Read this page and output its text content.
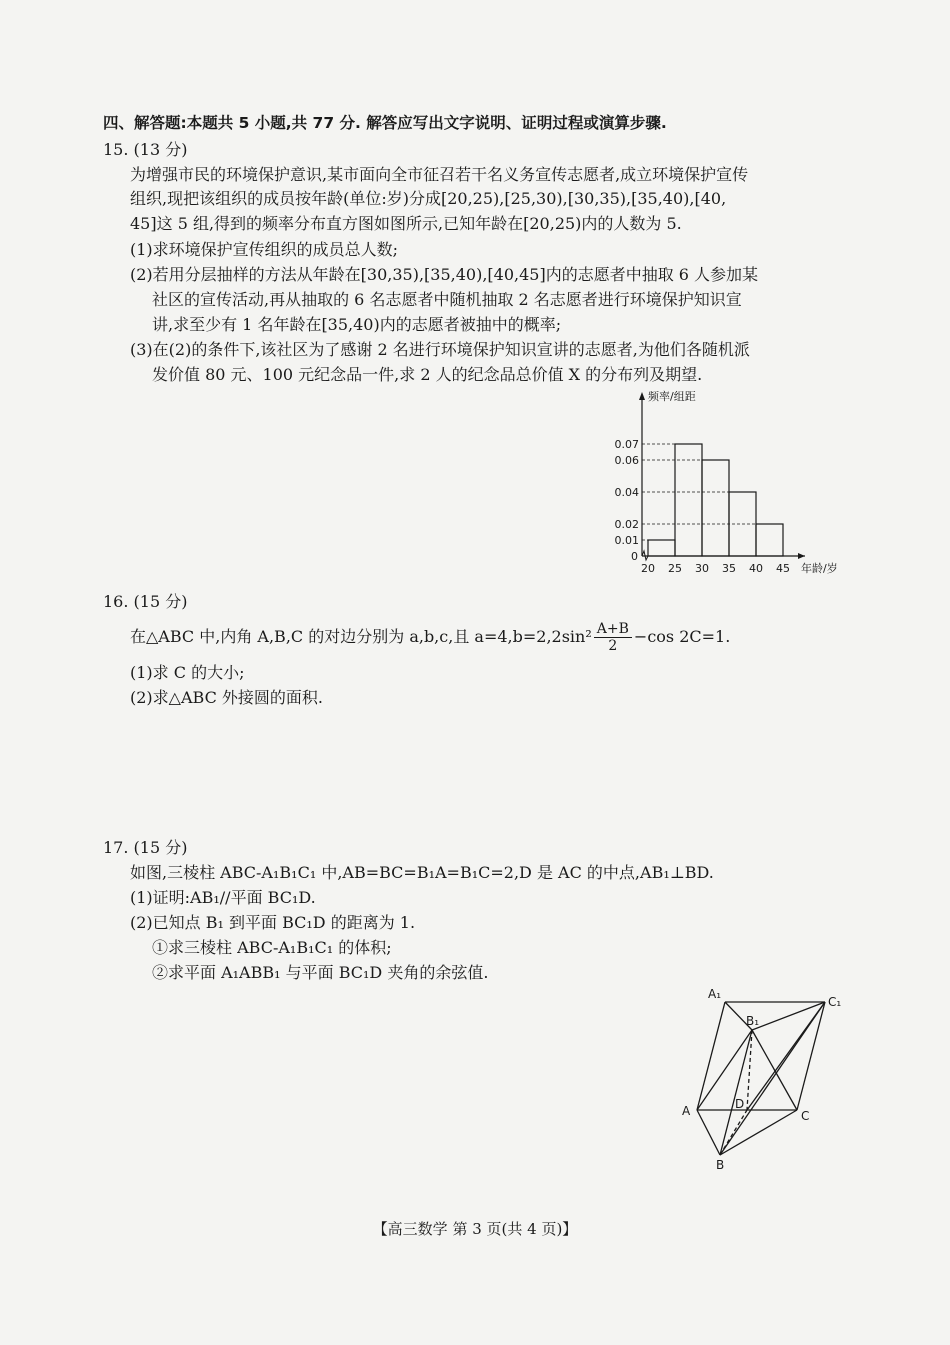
四、解答题:本题共 5 小题,共 77 分. 解答应写出文字说明、证明过程或演算步骤.
15. (13 分)
为增强市民的环境保护意识,某市面向全市征召若干名义务宣传志愿者,成立环境保护宣传
组织,现把该组织的成员按年龄(单位:岁)分成[20,25),[25,30),[30,35),[35,40),[40,
45]这 5 组,得到的频率分布直方图如图所示,已知年龄在[20,25)内的人数为 5.
(1)求环境保护宣传组织的成员总人数;
(2)若用分层抽样的方法从年龄在[30,35),[35,40),[40,45]内的志愿者中抽取 6 人参加某
社区的宣传活动,再从抽取的 6 名志愿者中随机抽取 2 名志愿者进行环境保护知识宣
讲,求至少有 1 名年龄在[35,40)内的志愿者被抽中的概率;
(3)在(2)的条件下,该社区为了感谢 2 名进行环境保护知识宣讲的志愿者,为他们各随机派
发价值 80 元、100 元纪念品一件,求 2 人的纪念品总价值 X 的分布列及期望.
0.07
0.06
0.04
0.02
0.01
0
20 25 30 35 40 45
频率/组距
年龄/岁
16. (15 分)
在△ABC 中,内角 A,B,C 的对边分别为 a,b,c,且 $a=4,b=2,2\sin^2 \frac{A+B}{2} -\cos$ 2C=1.
(1)求 C 的大小;
(2)求△ABC 外接圆的面积.
17. (15 分)
如图,三棱柱 ABC-A₁B₁C₁ 中,AB=BC=B₁A=B₁C=2,D 是 AC 的中点,AB₁⊥BD.
(1)证明:AB₁//平面 BC₁D.
(2)已知点 B₁ 到平面 BC₁D 的距离为 1.
①求三棱柱 ABC-A₁B₁C₁ 的体积;
②求平面 A₁ABB₁ 与平面 BC₁D 夹角的余弦值.
A₁
C₁
B₁
A	D
C
B
【高三数学 第 3 页(共 4 页)】
